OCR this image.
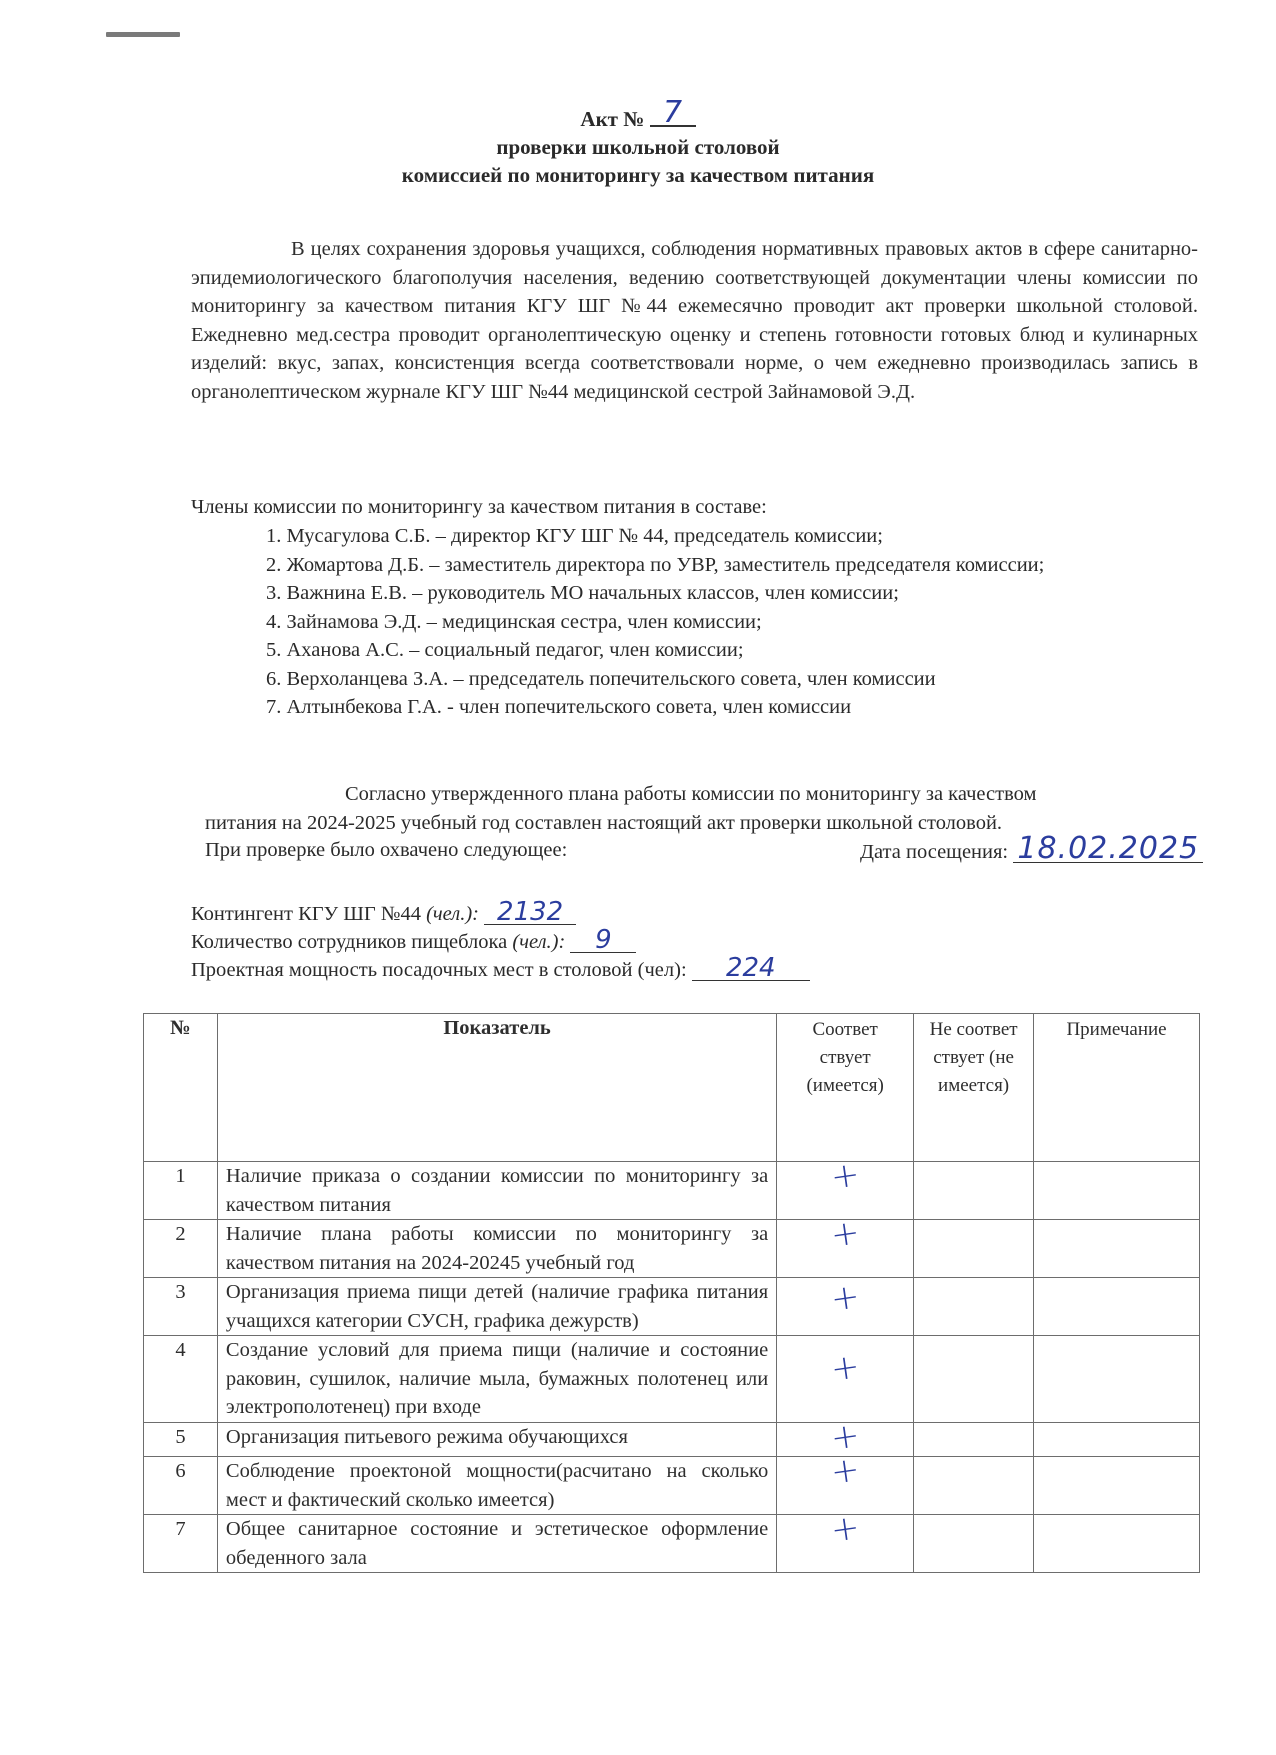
Акт № 7
проверки школьной столовой
комиссией по мониторингу за качеством питания
В целях сохранения здоровья учащихся, соблюдения нормативных правовых актов в сфере санитарно-эпидемиологического благополучия населения, ведению соответствующей документации члены комиссии по мониторингу за качеством питания КГУ ШГ №44 ежемесячно проводит акт проверки школьной столовой. Ежедневно мед.сестра проводит органолептическую оценку и степень готовности готовых блюд и кулинарных изделий: вкус, запах, консистенция всегда соответствовали норме, о чем ежедневно производилась запись в органолептическом журнале КГУ ШГ №44 медицинской сестрой Зайнамовой Э.Д.
Члены комиссии по мониторингу за качеством питания в составе:
1. Мусагулова С.Б. – директор КГУ ШГ № 44, председатель комиссии;
2. Жомартова Д.Б. – заместитель директора по УВР, заместитель председателя комиссии;
3. Важнина Е.В. – руководитель МО начальных классов, член комиссии;
4. Зайнамова Э.Д. – медицинская сестра, член комиссии;
5. Аханова А.С. – социальный педагог, член комиссии;
6. Верхоланцева З.А. – председатель попечительского совета, член комиссии
7. Алтынбекова Г.А. - член попечительского совета, член комиссии
Согласно утвержденного плана работы комиссии по мониторингу за качеством
питания на 2024-2025 учебный год составлен настоящий акт проверки школьной столовой.
При проверке было охвачено следующее:	Дата посещения: 18.02.2025
Контингент КГУ ШГ №44 (чел.): 2132
Количество сотрудников пищеблока (чел.): 9
Проектная мощность посадочных мест в столовой (чел): 224
№	Показатель	Соответ ствует (имеется)	Не соответ ствует (не имеется)	Примечание
1	Наличие приказа о создании комиссии по мониторингу за качеством питания	+		
2	Наличие плана работы комиссии по мониторингу за качеством питания на 2024-20245 учебный год	+		
3	Организация приема пищи детей (наличие графика питания учащихся категории СУСН, графика дежурств)	+		
4	Создание условий для приема пищи (наличие и состояние раковин, сушилок, наличие мыла, бумажных полотенец или электрополотенец) при входе	+		
5	Организация питьевого режима обучающихся	+		
6	Соблюдение проектоной мощности(расчитано на сколько мест и фактический сколько имеется)	+		
7	Общее санитарное состояние и эстетическое оформление обеденного зала	+		
